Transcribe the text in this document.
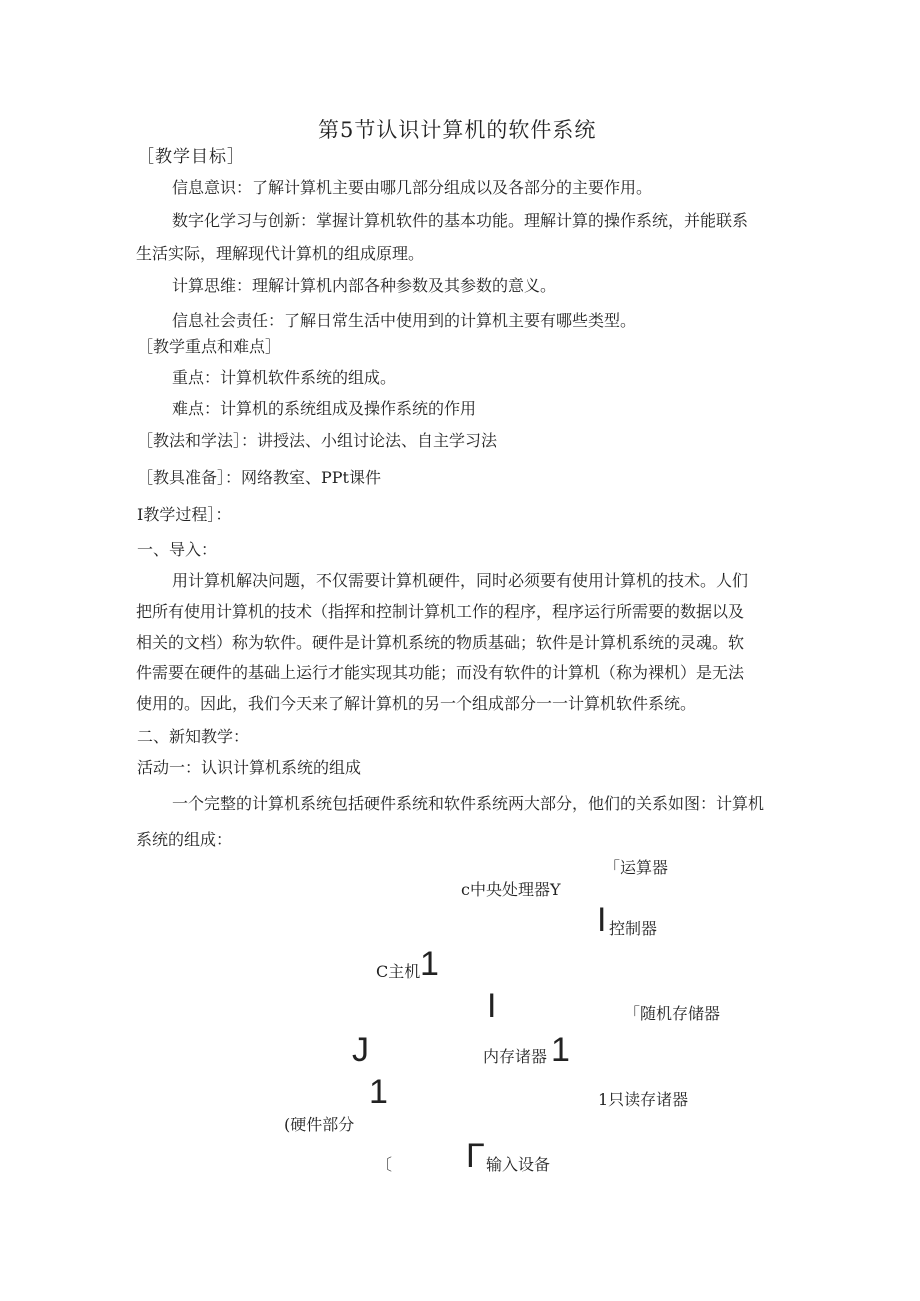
第5节认识计算机的软件系统
［教学目标］
信息意识：了解计算机主要由哪几部分组成以及各部分的主要作用。
数字化学习与创新：掌握计算机软件的基本功能。理解计算的操作系统，并能联系
生活实际，理解现代计算机的组成原理。
计算思维：理解计算机内部各种参数及其参数的意义。
信息社会责任：了解日常生活中使用到的计算机主要有哪些类型。
［教学重点和难点］
重点：计算机软件系统的组成。
难点：计算机的系统组成及操作系统的作用
［教法和学法］：讲授法、小组讨论法、自主学习法
［教具准备］：网络教室、PPt课件
I教学过程］：
一、导入：
用计算机解决问题，不仅需要计算机硬件，同时必须要有使用计算机的技术。人们
把所有使用计算机的技术（指挥和控制计算机工作的程序，程序运行所需要的数据以及
相关的文档）称为软件。硬件是计算机系统的物质基础；软件是计算机系统的灵魂。软
件需要在硬件的基础上运行才能实现其功能；而没有软件的计算机（称为裸机）是无法
使用的。因此，我们今天来了解计算机的另一个组成部分一一计算机软件系统。
二、新知教学：
活动一：认识计算机系统的组成
一个完整的计算机系统包括硬件系统和软件系统两大部分，他们的关系如图：计算机
系统的组成：
「运算器
c中央处理器Y
I 控制器
C主机 1
I	「随机存储器
J	内存诸器 1
1	1只读存诸器
(硬件部分
〔 Γ 输入设备
